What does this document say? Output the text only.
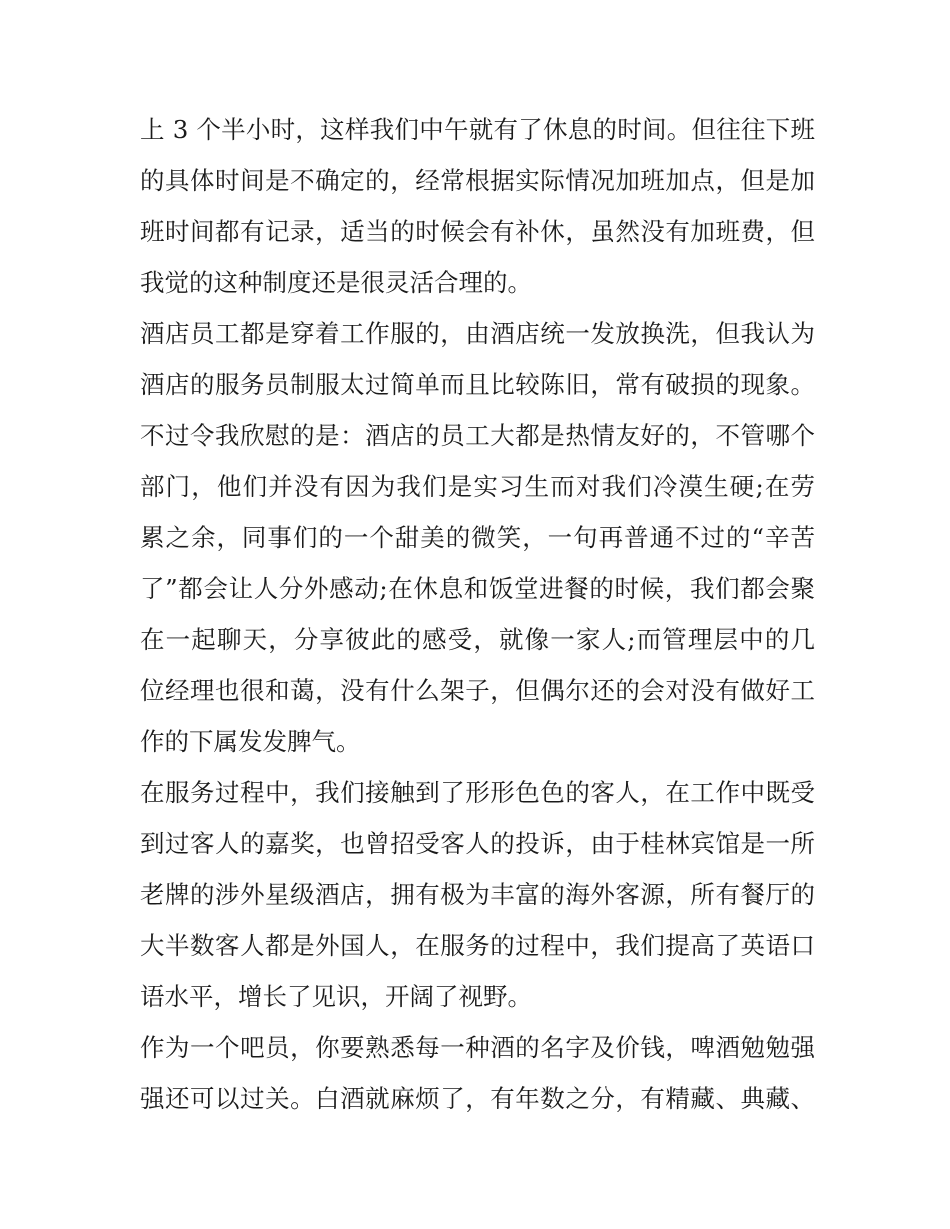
上 3 个半小时，这样我们中午就有了休息的时间。但往往下班
的具体时间是不确定的，经常根据实际情况加班加点，但是加
班时间都有记录，适当的时候会有补休，虽然没有加班费，但
我觉的这种制度还是很灵活合理的。
酒店员工都是穿着工作服的，由酒店统一发放换洗，但我认为
酒店的服务员制服太过简单而且比较陈旧，常有破损的现象。
不过令我欣慰的是：酒店的员工大都是热情友好的，不管哪个
部门，他们并没有因为我们是实习生而对我们冷漠生硬;在劳
累之余，同事们的一个甜美的微笑，一句再普通不过的“辛苦
了”都会让人分外感动;在休息和饭堂进餐的时候，我们都会聚
在一起聊天，分享彼此的感受，就像一家人;而管理层中的几
位经理也很和蔼，没有什么架子，但偶尔还的会对没有做好工
作的下属发发脾气。
在服务过程中，我们接触到了形形色色的客人，在工作中既受
到过客人的嘉奖，也曾招受客人的投诉，由于桂林宾馆是一所
老牌的涉外星级酒店，拥有极为丰富的海外客源，所有餐厅的
大半数客人都是外国人，在服务的过程中，我们提高了英语口
语水平，增长了见识，开阔了视野。
作为一个吧员，你要熟悉每一种酒的名字及价钱，啤酒勉勉强
强还可以过关。白酒就麻烦了，有年数之分，有精藏、典藏、
